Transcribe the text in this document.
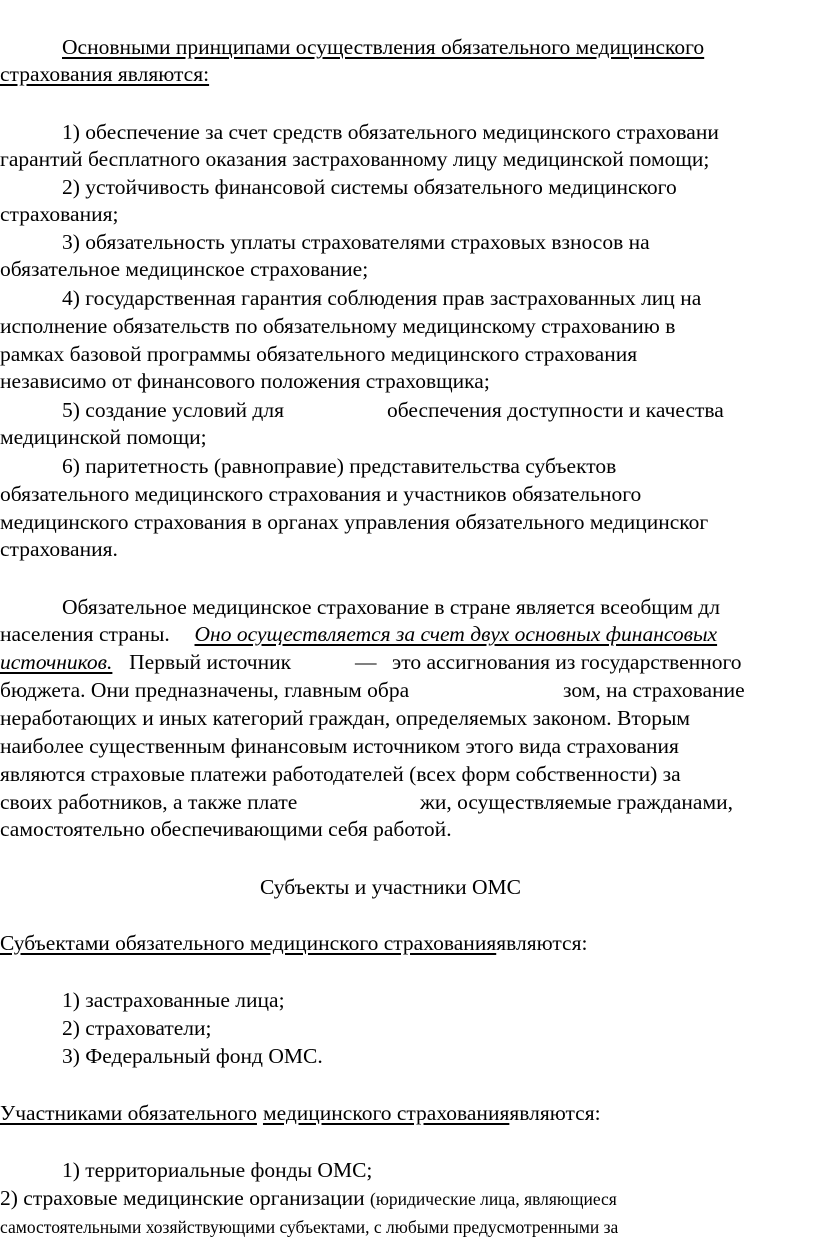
Основными принципами осуществления обязательного медицинского
страхования являются:
1) обеспечение за счет средств обязательного медицинского страховани
гарантий бесплатного оказания застрахованному лицу медицинской помощи;
2) устойчивость финансовой системы обязательного медицинского
страхования;
3) обязательность уплаты страхователями страховых взносов на
обязательное медицинское страхование;
4) государственная гарантия соблюдения прав застрахованных лиц на
исполнение обязательств по обязательному медицинскому страхованию в
рамках базовой программы обязательного медицинского страхования
независимо от финансового положения страховщика;
5) создание условий для	обеспечения доступности и качества
медицинской помощи;
6) паритетность (равноправие) представительства субъектов
обязательного медицинского страхования и участников обязательного
медицинского страхования в органах управления обязательного медицинског
страхования.
Обязательное медицинское страхование в стране является всеобщим дл
населения страны. Оно осуществляется за счет двух основных финансовых
источников. Первый источник	— это ассигнования из государственного
бюджета. Они предназначены, главным обра	зом, на страхование
неработающих и иных категорий граждан, определяемых законом. Вторым
наиболее существенным финансовым источником этого вида страхования
являются страховые платежи работодателей (всех форм собственности) за
своих работников, а также плате	жи, осуществляемые гражданами,
самостоятельно обеспечивающими себя работой.
Субъекты и участники ОМС
Субъектами обязательного медицинского страхованияявляются:
1) застрахованные лица;
2) страхователи;
3) Федеральный фонд ОМС.
Участниками обязательного медицинского страхованияявляются:
1) территориальные фонды ОМС;
2) страховые медицинские организации (юридические лица, являющиеся
самостоятельными хозяйствующими субъектами, с любыми предусмотренными за
